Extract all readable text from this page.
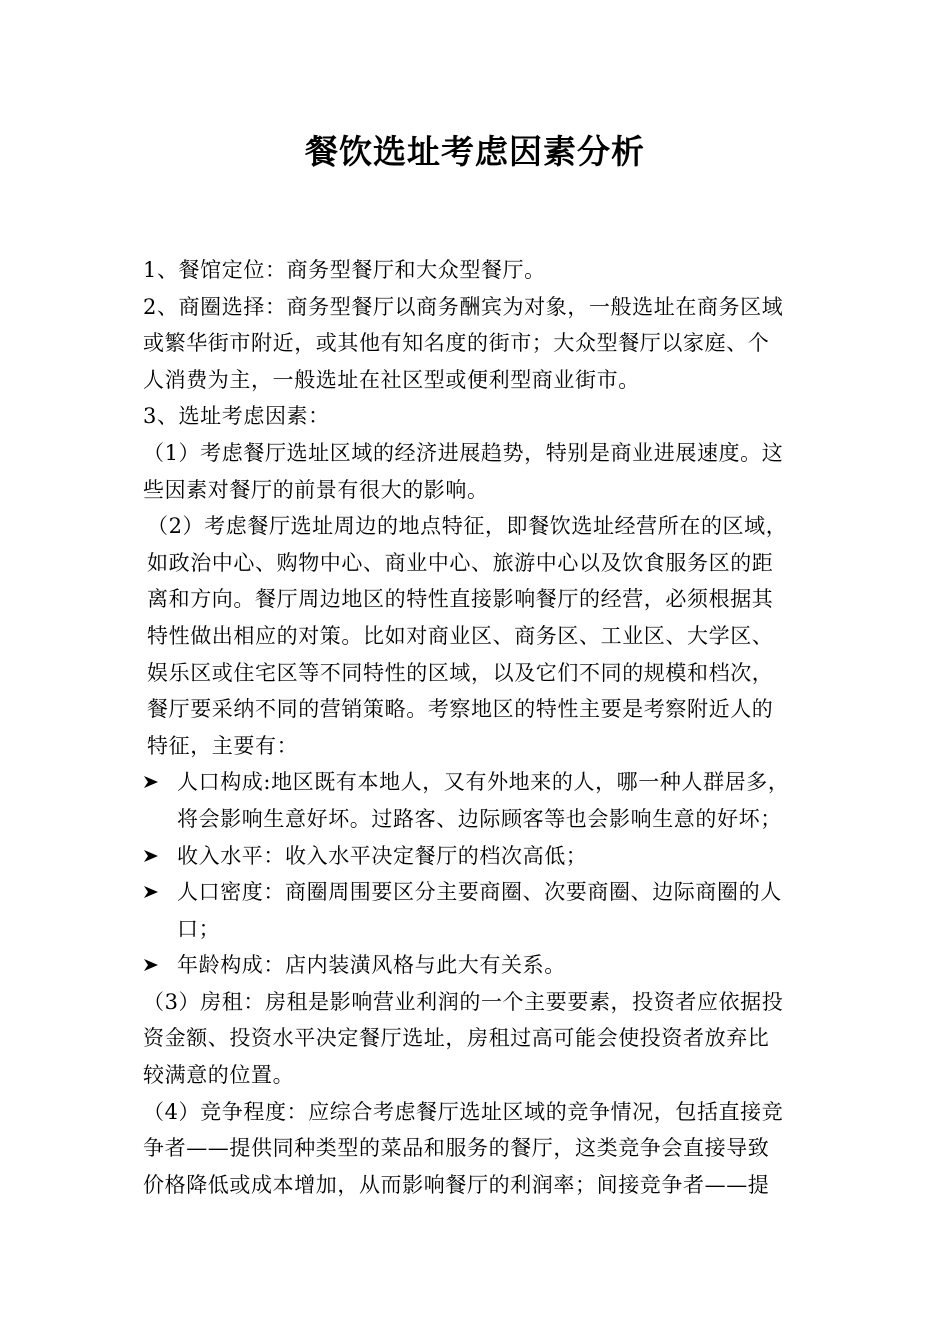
餐饮选址考虑因素分析
1、餐馆定位：商务型餐厅和大众型餐厅。
2、商圈选择：商务型餐厅以商务酬宾为对象，一般选址在商务区域
或繁华街市附近，或其他有知名度的街市；大众型餐厅以家庭、个
人消费为主，一般选址在社区型或便利型商业街市。
3、选址考虑因素：
（1）考虑餐厅选址区域的经济进展趋势，特别是商业进展速度。这
些因素对餐厅的前景有很大的影响。
（2）考虑餐厅选址周边的地点特征，即餐饮选址经营所在的区域，
如政治中心、购物中心、商业中心、旅游中心以及饮食服务区的距
离和方向。餐厅周边地区的特性直接影响餐厅的经营，必须根据其
特性做出相应的对策。比如对商业区、商务区、工业区、大学区、
娱乐区或住宅区等不同特性的区域，以及它们不同的规模和档次，
餐厅要采纳不同的营销策略。考察地区的特性主要是考察附近人的
特征，主要有：
人口构成:地区既有本地人，又有外地来的人，哪一种人群居多，
将会影响生意好坏。过路客、边际顾客等也会影响生意的好坏；
收入水平：收入水平决定餐厅的档次高低；
人口密度：商圈周围要区分主要商圈、次要商圈、边际商圈的人
口；
年龄构成：店内装潢风格与此大有关系。
（3）房租：房租是影响营业利润的一个主要要素，投资者应依据投
资金额、投资水平决定餐厅选址，房租过高可能会使投资者放弃比
较满意的位置。
（4）竞争程度：应综合考虑餐厅选址区域的竞争情况，包括直接竞
争者——提供同种类型的菜品和服务的餐厅，这类竞争会直接导致
价格降低或成本增加，从而影响餐厅的利润率；间接竞争者——提
